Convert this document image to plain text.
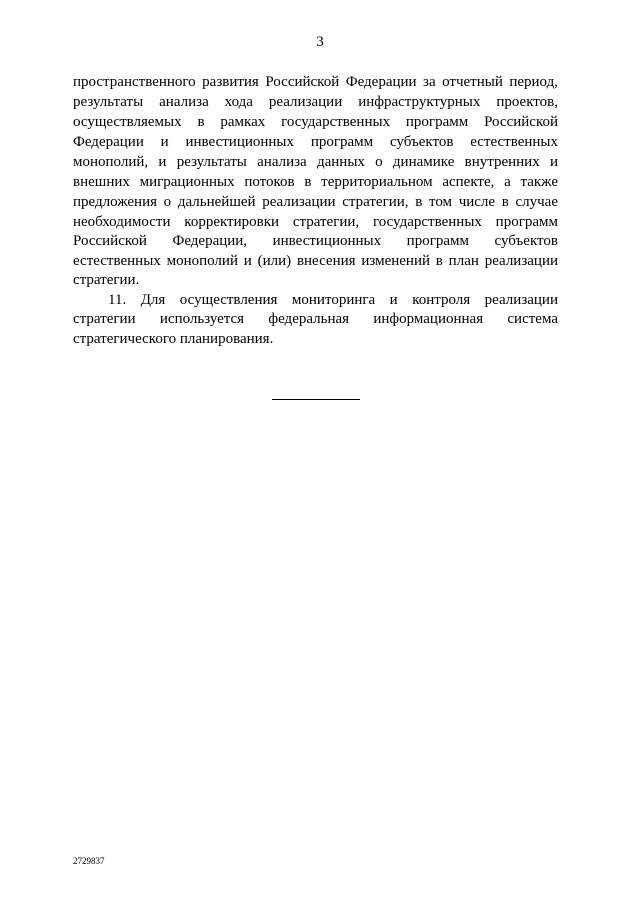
3
пространственного развития Российской Федерации за отчетный период,
результаты анализа хода реализации инфраструктурных проектов,
осуществляемых в рамках государственных программ Российской
Федерации и инвестиционных программ субъектов естественных
монополий, и результаты анализа данных о динамике внутренних и
внешних миграционных потоков в территориальном аспекте, а также
предложения о дальнейшей реализации стратегии, в том числе в случае
необходимости корректировки стратегии, государственных программ
Российской Федерации, инвестиционных программ субъектов
естественных монополий и (или) внесения изменений в план реализации
стратегии.
11. Для осуществления мониторинга и контроля реализации
стратегии используется федеральная информационная система
стратегического планирования.
2729837
